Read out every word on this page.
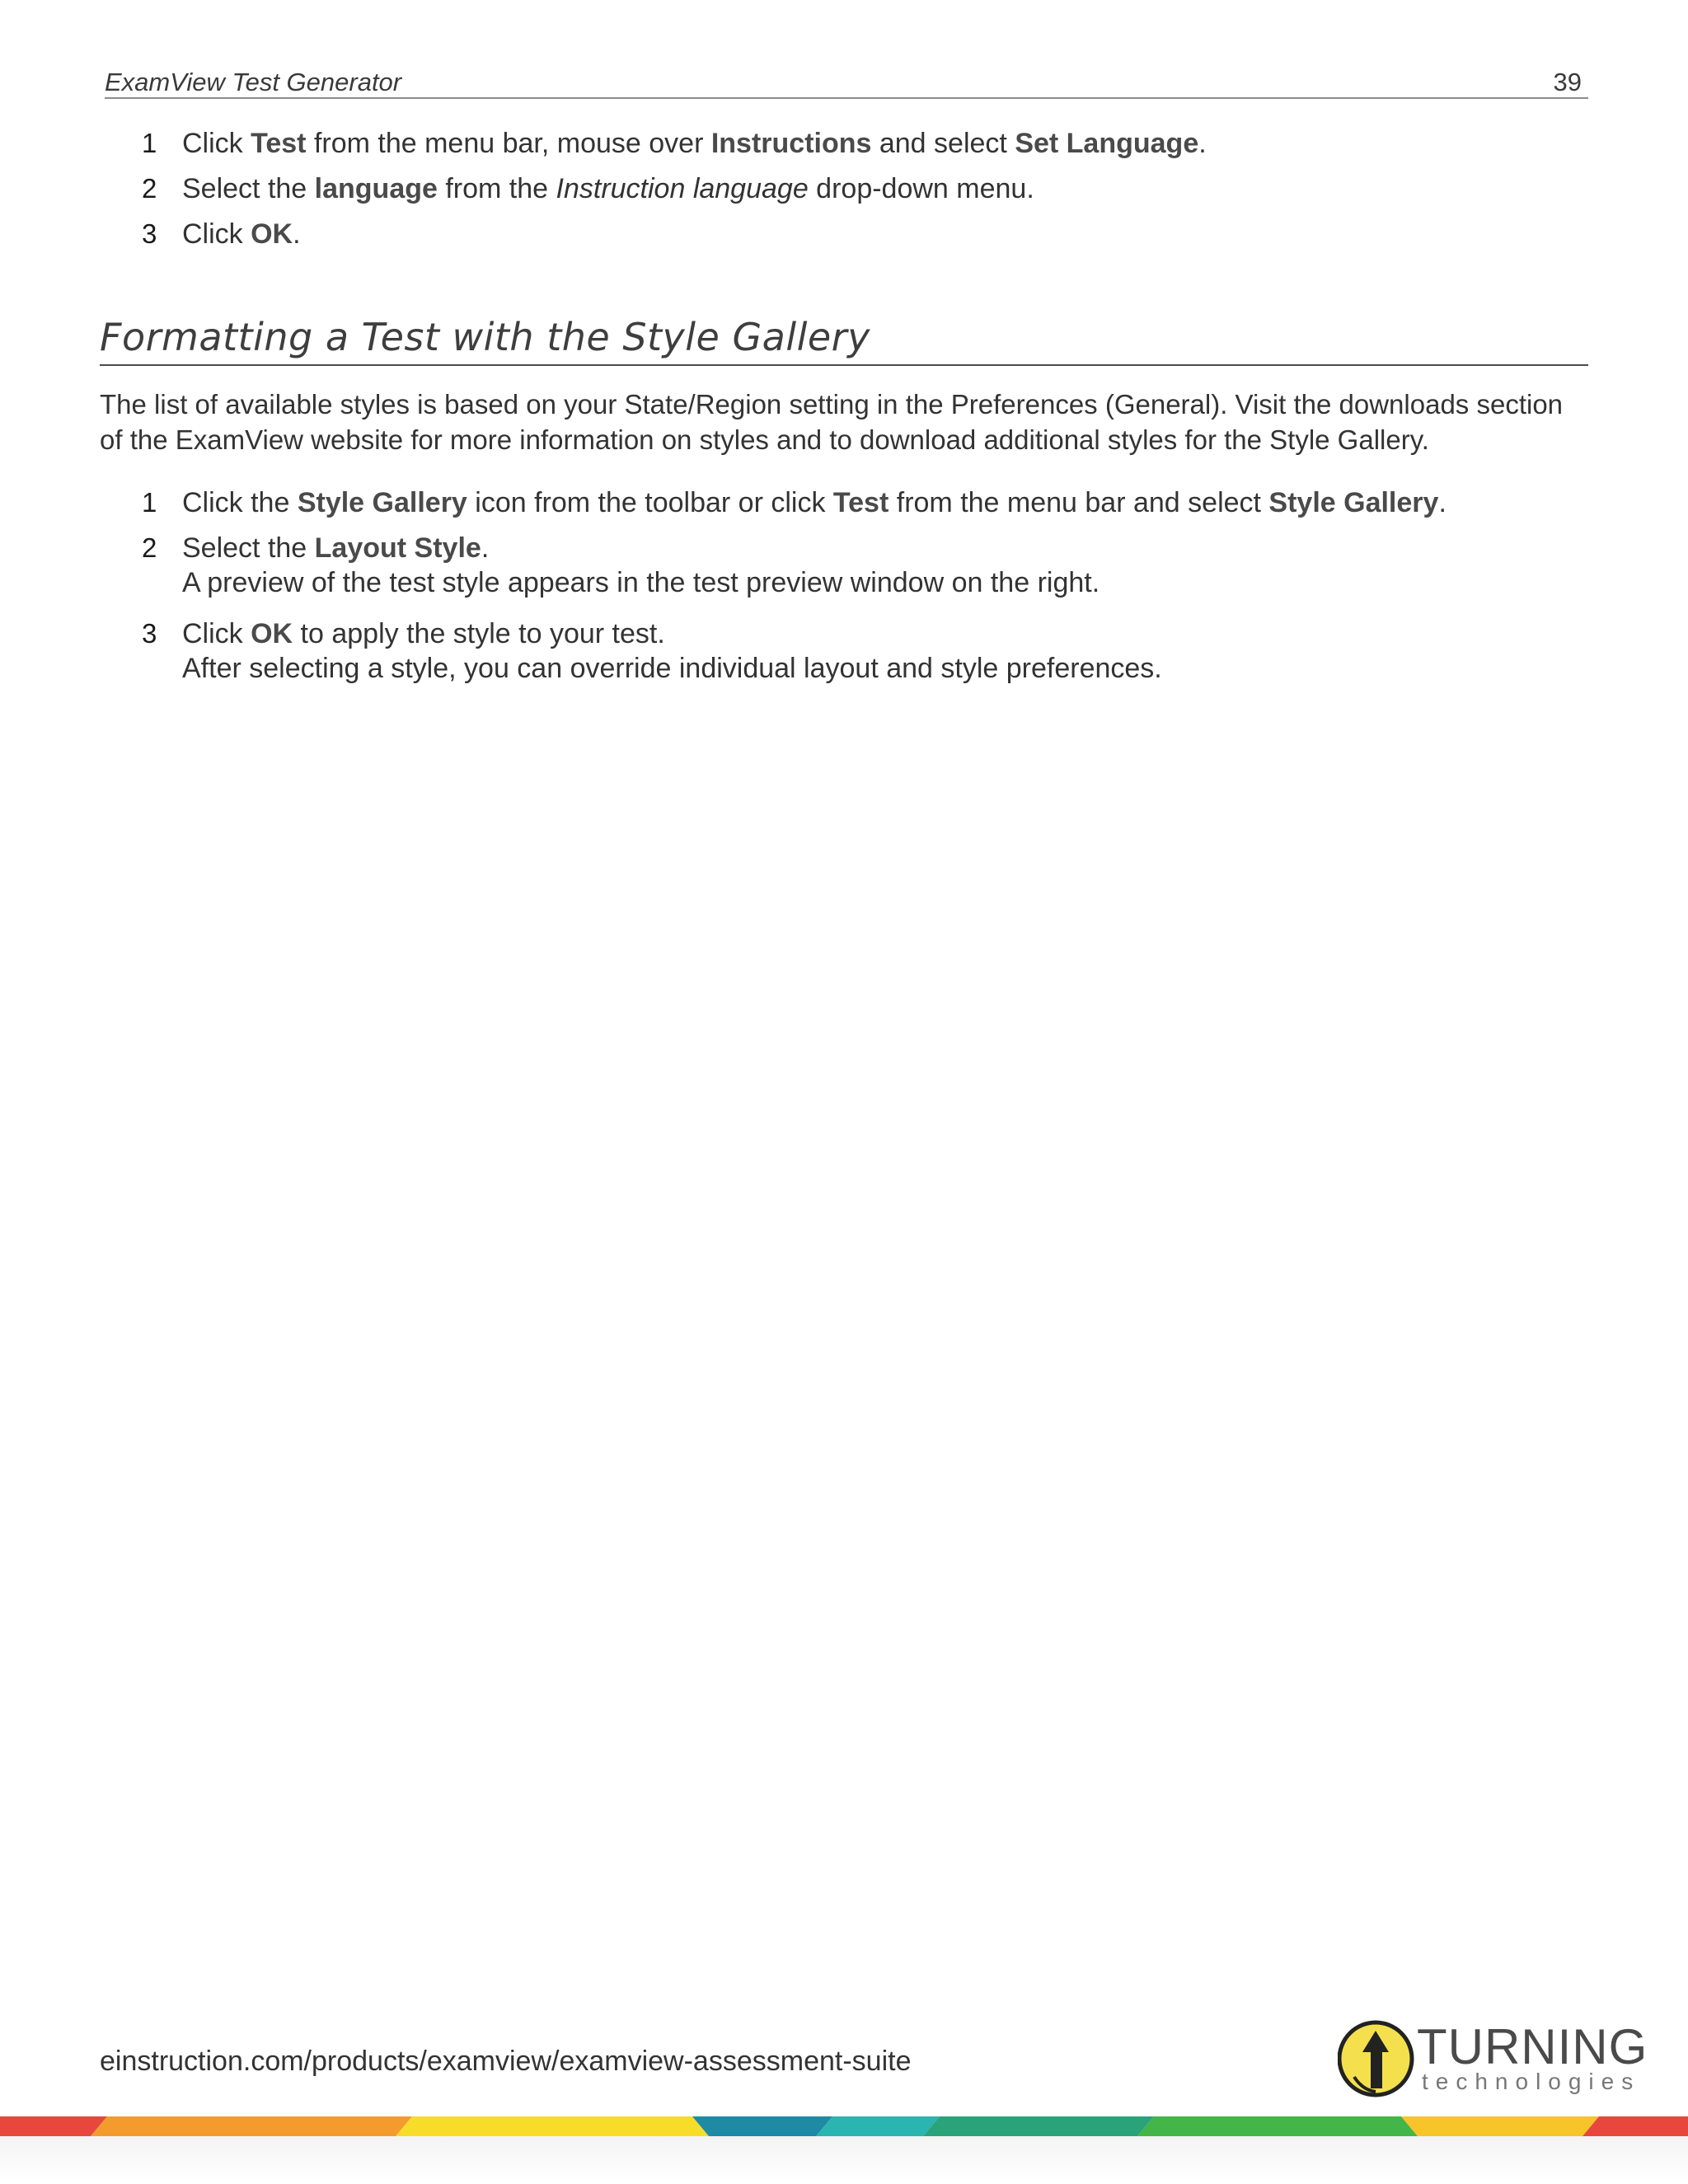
ExamView Test Generator	39
1 Click Test from the menu bar, mouse over Instructions and select Set Language.
2 Select the language from the Instruction language drop-down menu.
3 Click OK.
Formatting a Test with the Style Gallery
The list of available styles is based on your State/Region setting in the Preferences (General). Visit the downloads section of the ExamView website for more information on styles and to download additional styles for the Style Gallery.
1 Click the Style Gallery icon from the toolbar or click Test from the menu bar and select Style Gallery.
2 Select the Layout Style.
A preview of the test style appears in the test preview window on the right.
3 Click OK to apply the style to your test.
After selecting a style, you can override individual layout and style preferences.
einstruction.com/products/examview/examview-assessment-suite	TURNING
technologies
